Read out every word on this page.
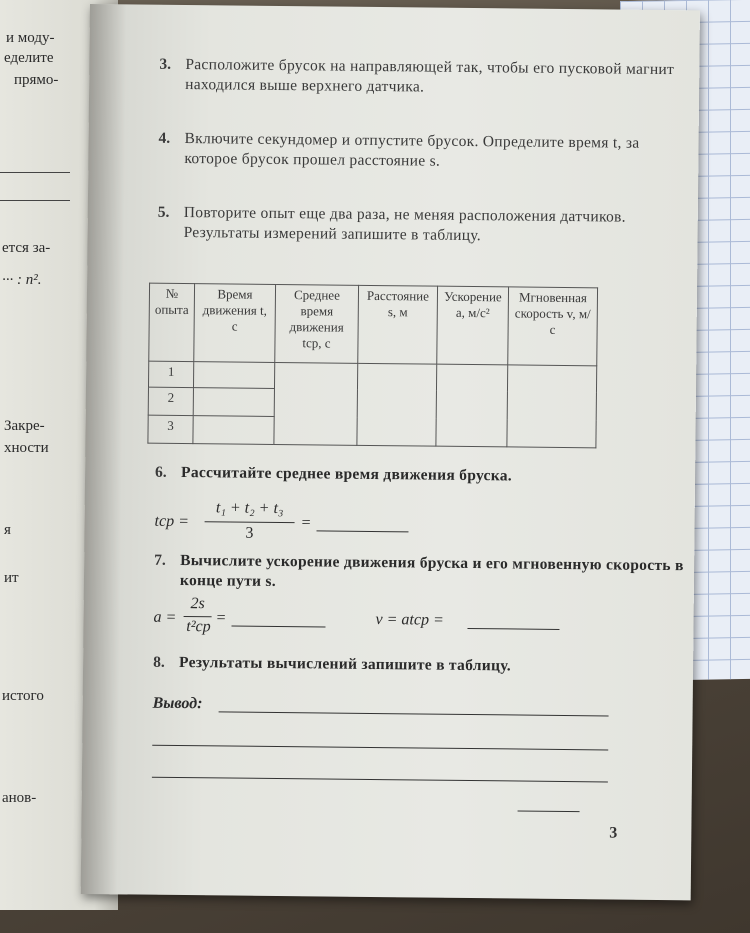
и моду-
еделите
прямо-
ется за-
··· : n².
Закре-
хности
я
ит
истого
анов-
3. Расположите брусок на направляющей так, чтобы его пусковой магнит находился выше верхнего датчика.
4. Включите секундомер и отпустите брусок. Определите время t, за которое брусок прошел расстояние s.
5. Повторите опыт еще два раза, не меняя расположения датчиков. Результаты измерений запишите в таблицу.
№ опыта	Время движения t, с	Среднее время движения tср, с	Расстояние s, м	Ускорение a, м/с²	Мгновенная скорость v, м/с
1					
2					
3					
6. Рассчитайте среднее время движения бруска.
tср =
t₁ + t₂ + t₃
3
=
7. Вычислите ускорение движения бруска и его мгновенную скорость в конце пути s.
a =
2s
t²ср
=	v = atср =
8. Результаты вычислений запишите в таблицу.
Вывод:
3
